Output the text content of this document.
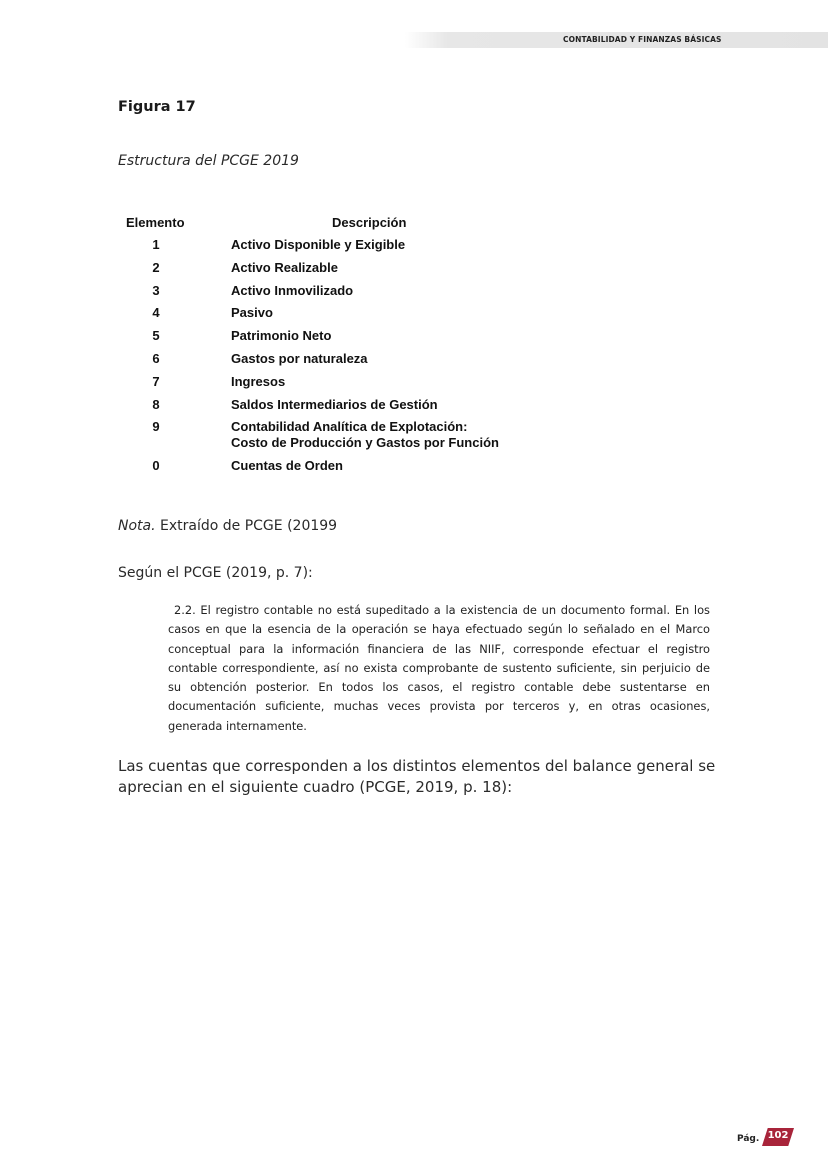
CONTABILIDAD Y FINANZAS BÁSICAS
Figura 17
Estructura del PCGE 2019
Elemento	Descripción
1	Activo Disponible y Exigible
2	Activo Realizable
3	Activo Inmovilizado
4	Pasivo
5	Patrimonio Neto
6	Gastos por naturaleza
7	Ingresos
8	Saldos Intermediarios de Gestión
9	Contabilidad Analítica de Explotación: Costo de Producción y Gastos por Función
0	Cuentas de Orden
Nota. Extraído de PCGE (20199
Según el PCGE (2019, p. 7):
2.2. El registro contable no está supeditado a la existencia de un documento formal. En los casos en que la esencia de la operación se haya efectuado según lo señalado en el Marco conceptual para la información financiera de las NIIF, corresponde efectuar el registro contable correspondiente, así no exista comprobante de sustento suficiente, sin perjuicio de su obtención posterior. En todos los casos, el registro contable debe sustentarse en documentación suficiente, muchas veces provista por terceros y, en otras ocasiones, generada internamente.
Las cuentas que corresponden a los distintos elementos del balance general se aprecian en el siguiente cuadro (PCGE, 2019, p. 18):
Pág. 102
